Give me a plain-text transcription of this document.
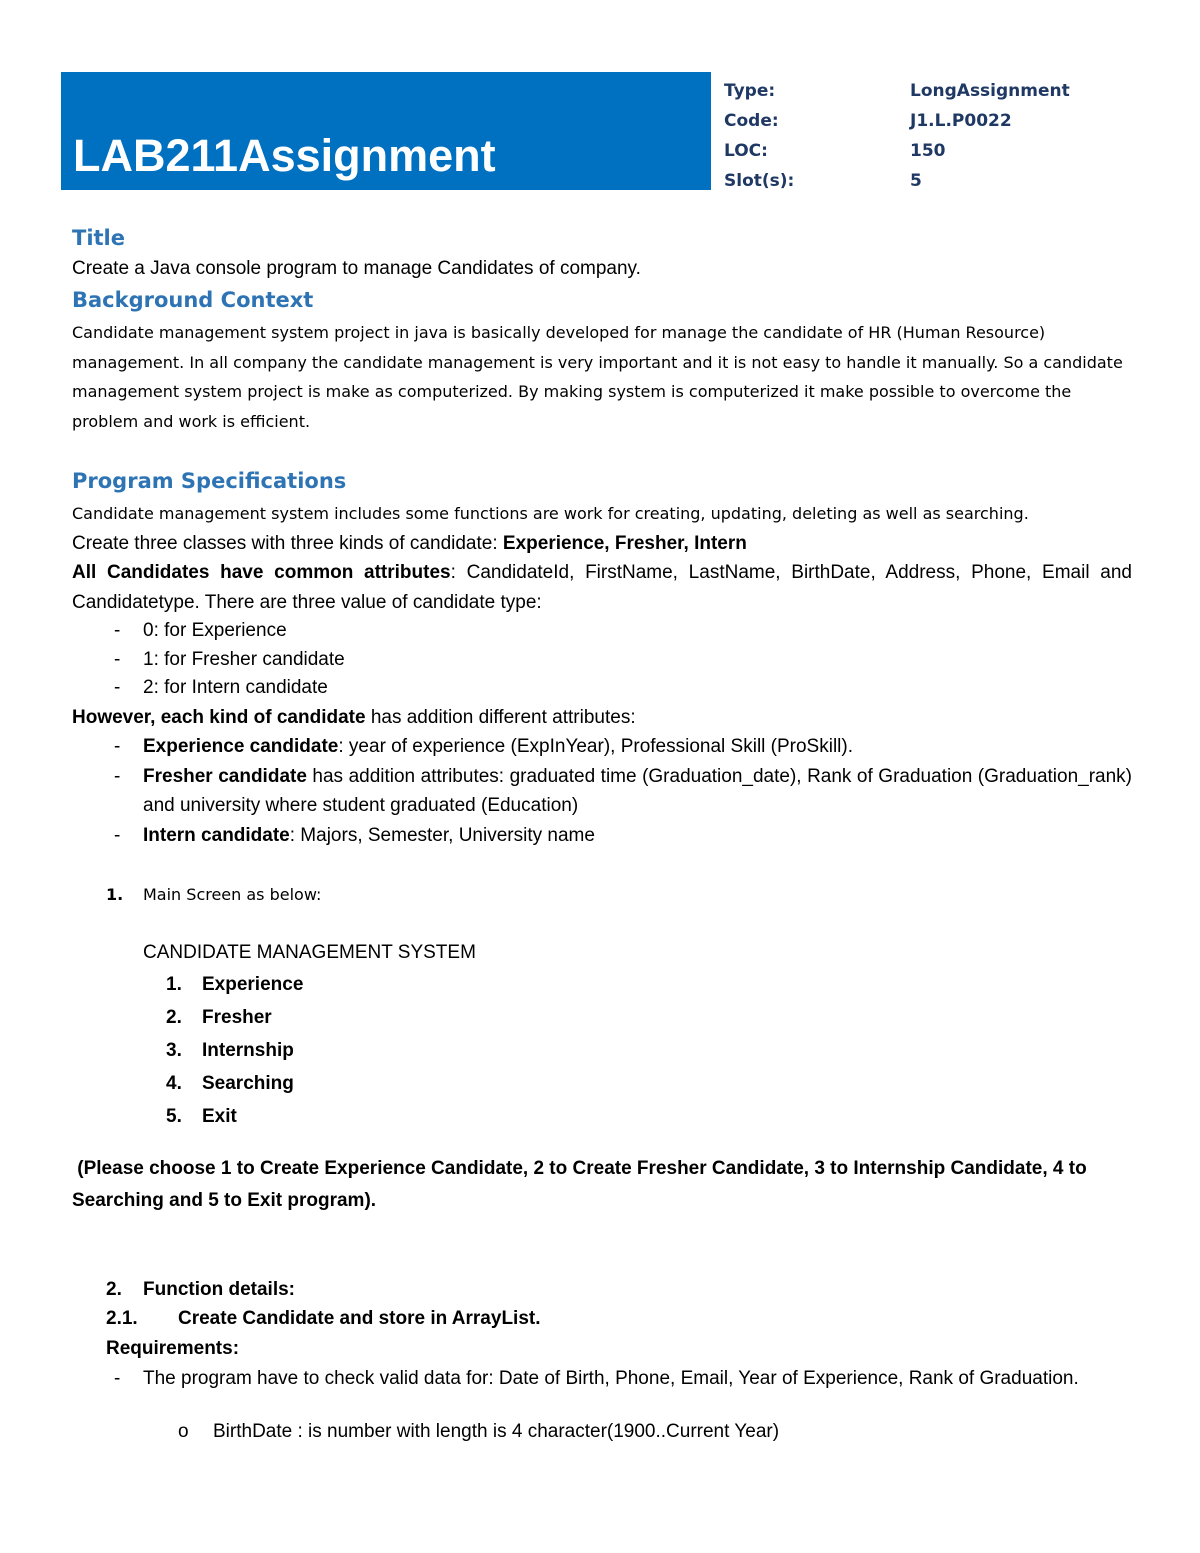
LAB211Assignment
Type:	LongAssignment
Code:	J1.L.P0022
LOC:	150
Slot(s):	5

Title

Create a Java console program to manage Candidates of company.

Background Context

Candidate management system project in java is basically developed for manage the candidate of HR (Human Resource) management. In all company the candidate management is very important and it is not easy to handle it manually. So a candidate management system project is make as computerized. By making system is computerized it make possible to overcome the problem and work is efficient.

Program Specifications

Candidate management system includes some functions are work for creating, updating, deleting as well as searching.

Create three classes with three kinds of candidate: Experience, Fresher, Intern

All Candidates have common attributes: CandidateId, FirstName, LastName, BirthDate, Address, Phone, Email and Candidatetype. There are three value of candidate type:

- 0: for Experience
- 1: for Fresher candidate
- 2: for Intern candidate

However, each kind of candidate has addition different attributes:

- Experience candidate: year of experience (ExpInYear), Professional Skill (ProSkill).
- Fresher candidate has addition attributes: graduated time (Graduation_date), Rank of Graduation (Graduation_rank) and university where student graduated (Education)
- Intern candidate: Majors, Semester, University name
1. Main Screen as below:
CANDIDATE MANAGEMENT SYSTEM
1. Experience
2. Fresher
3. Internship
4. Searching
5. Exit

(Please choose 1 to Create Experience Candidate, 2 to Create Fresher Candidate, 3 to Internship Candidate, 4 to Searching and 5 to Exit program).

2. Function details:
2.1. Create Candidate and store in ArrayList.
Requirements:
- The program have to check valid data for: Date of Birth, Phone, Email, Year of Experience, Rank of Graduation.
o BirthDate : is number with length is 4 character(1900..Current Year)
